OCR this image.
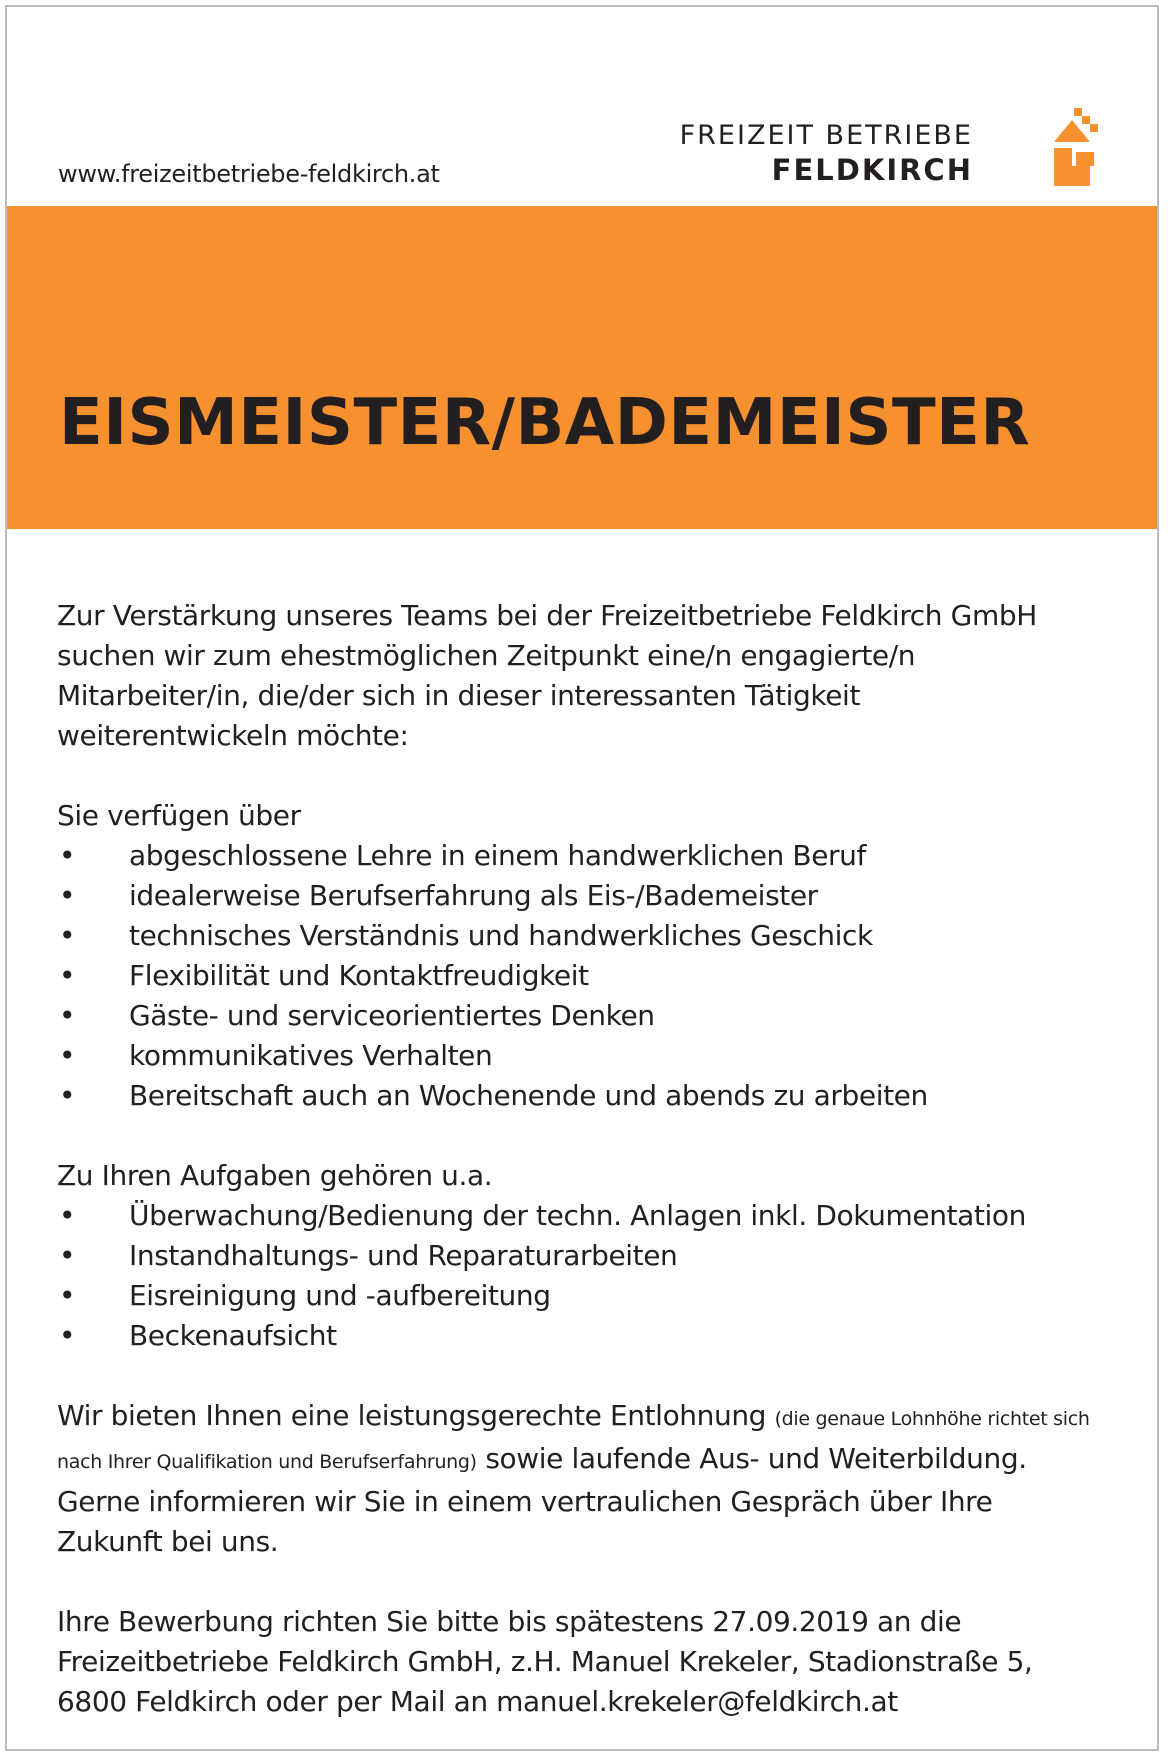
www.freizeitbetriebe-feldkirch.at
FREIZEIT BETRIEBE
FELDKIRCH
EISMEISTER/BADEMEISTER

Zur Verstärkung unseres Teams bei der Freizeitbetriebe Feldkirch GmbH suchen wir zum ehestmöglichen Zeitpunkt eine/n engagierte/n Mitarbeiter/in, die/der sich in dieser interessanten Tätigkeit weiterentwickeln möchte:

Sie verfügen über

• abgeschlossene Lehre in einem handwerklichen Beruf
• idealerweise Berufserfahrung als Eis-/Bademeister
• technisches Verständnis und handwerkliches Geschick
• Flexibilität und Kontaktfreudigkeit
• Gäste- und serviceorientiertes Denken
• kommunikatives Verhalten
• Bereitschaft auch an Wochenende und abends zu arbeiten

Zu Ihren Aufgaben gehören u.a.

• Überwachung/Bedienung der techn. Anlagen inkl. Dokumentation
• Instandhaltungs- und Reparaturarbeiten
• Eisreinigung und -aufbereitung
• Beckenaufsicht

Wir bieten Ihnen eine leistungsgerechte Entlohnung (die genaue Lohnhöhe richtet sich nach Ihrer Qualifikation und Berufserfahrung) sowie laufende Aus- und Weiterbildung. Gerne informieren wir Sie in einem vertraulichen Gespräch über Ihre Zukunft bei uns.

Ihre Bewerbung richten Sie bitte bis spätestens 27.09.2019 an die Freizeitbetriebe Feldkirch GmbH, z.H. Manuel Krekeler, Stadionstraße 5, 6800 Feldkirch oder per Mail an manuel.krekeler@feldkirch.at
